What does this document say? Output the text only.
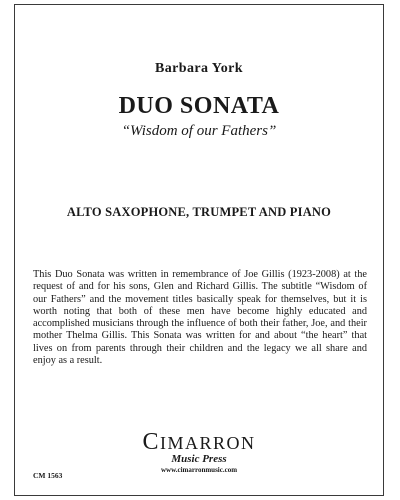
Barbara York
DUO SONATA
“Wisdom of our Fathers”
ALTO SAXOPHONE, TRUMPET AND PIANO
This Duo Sonata was written in remembrance of Joe Gillis (1923-2008) at the request of and for his sons, Glen and Richard Gillis. The subtitle “Wisdom of our Fathers” and the movement titles basically speak for themselves, but it is worth noting that both of these men have become highly educated and accomplished musicians through the influence of both their father, Joe, and their mother Thelma Gillis. This Sonata was written for and about “the heart” that lives on from parents through their children and the legacy we all share and enjoy as a result.
CIMARRON
Music Press
www.cimarronmusic.com
CM 1563
